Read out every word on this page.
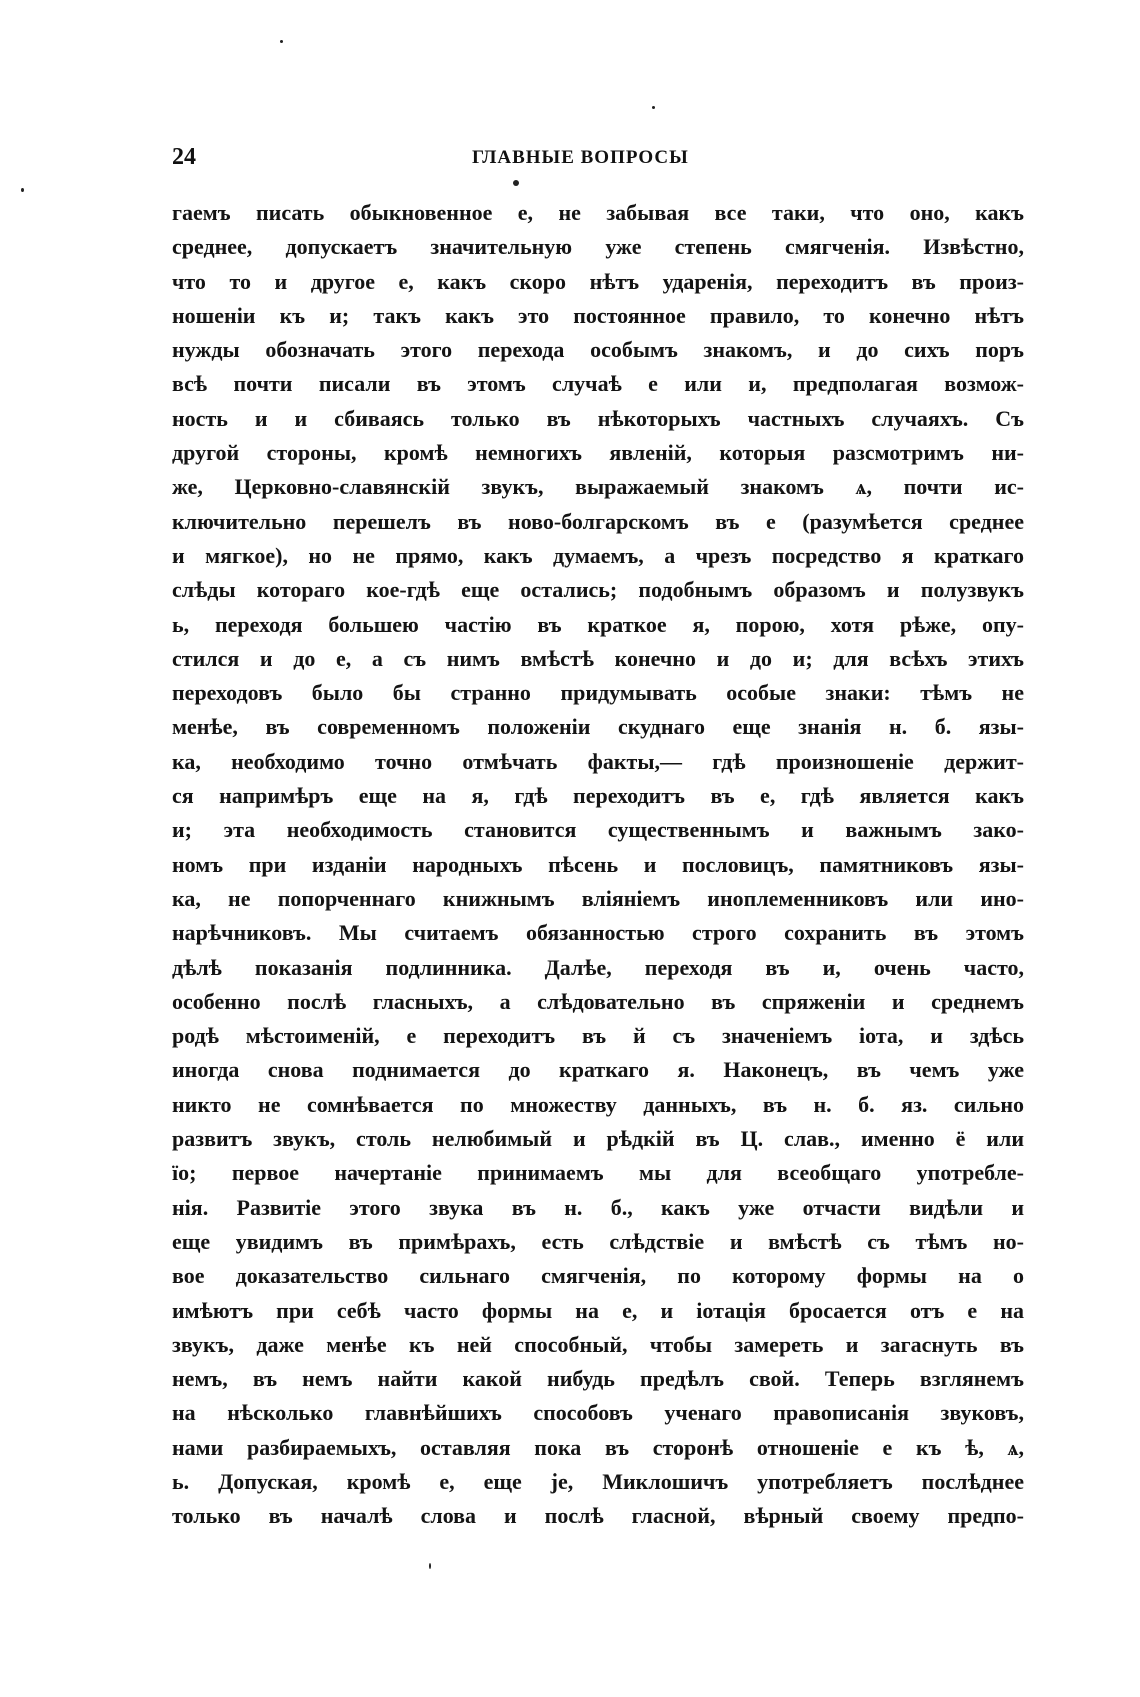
24	ГЛАВНЫЕ ВОПРОСЫ
гаемъ писать обыкновенное е, не забывая все таки, что оно, какъ
среднее, допускаетъ значительную уже степень смягченія. Извѣстно,
что то и другое е, какъ скоро нѣтъ ударенія, переходитъ въ произ-
ношеніи къ и; такъ какъ это постоянное правило, то конечно нѣтъ
нужды обозначать этого перехода особымъ знакомъ, и до сихъ поръ
всѣ почти писали въ этомъ случаѣ е или и, предполагая возмож-
ность и и сбиваясь только въ нѣкоторыхъ частныхъ случаяхъ. Съ
другой стороны, кромѣ немногихъ явленій, которыя разсмотримъ ни-
же, Церковно-славянскій звукъ, выражаемый знакомъ ѧ, почти ис-
ключительно перешелъ въ ново-болгарскомъ въ е (разумѣется среднее
и мягкое), но не прямо, какъ думаемъ, а чрезъ посредство я краткаго
слѣды котораго кое-гдѣ еще остались; подобнымъ образомъ и полузвукъ
ь, переходя большею частію въ краткое я, порою, хотя рѣже, опу-
стился и до е, а съ нимъ вмѣстѣ конечно и до и; для всѣхъ этихъ
переходовъ было бы странно придумывать особые знаки: тѣмъ не
менѣе, въ современномъ положеніи скуднаго еще знанія н. б. язы-
ка, необходимо точно отмѣчать факты,— гдѣ произношеніе держит-
ся напримѣръ еще на я, гдѣ переходитъ въ е, гдѣ является какъ
и; эта необходимость становится существеннымъ и важнымъ зако-
номъ при изданіи народныхъ пѣсень и пословицъ, памятниковъ язы-
ка, не попорченнаго книжнымъ вліяніемъ иноплеменниковъ или ино-
нарѣчниковъ. Мы считаемъ обязанностью строго сохранить въ этомъ
дѣлѣ показанія подлинника. Далѣе, переходя въ и, очень часто,
особенно послѣ гласныхъ, а слѣдовательно въ спряженіи и среднемъ
родѣ мѣстоименій, е переходитъ въ й съ значеніемъ іота, и здѣсь
иногда снова поднимается до краткаго я. Наконецъ, въ чемъ уже
никто не сомнѣвается по множеству данныхъ, въ н. б. яз. сильно
развитъ звукъ, столь нелюбимый и рѣдкій въ Ц. слав., именно ё или
ïo; первое начертаніе принимаемъ мы для всеобщаго употребле-
нія. Развитіе этого звука въ н. б., какъ уже отчасти видѣли и
еще увидимъ въ примѣрахъ, есть слѣдствіе и вмѣстѣ съ тѣмъ но-
вое доказательство сильнаго смягченія, по которому формы на о
имѣютъ при себѣ часто формы на е, и іотація бросается отъ е на
звукъ, даже менѣе къ ней способный, чтобы замереть и загаснуть въ
немъ, въ немъ найти какой нибудь предѣлъ свой. Теперь взглянемъ
на нѣсколько главнѣйшихъ способовъ ученаго правописанія звуковъ,
нами разбираемыхъ, оставляя пока въ сторонѣ отношеніе е къ ѣ, ѧ,
ь. Допуская, кромѣ е, еще је, Миклошичъ употребляетъ послѣднее
только въ началѣ слова и послѣ гласной, вѣрный своему предпо-
